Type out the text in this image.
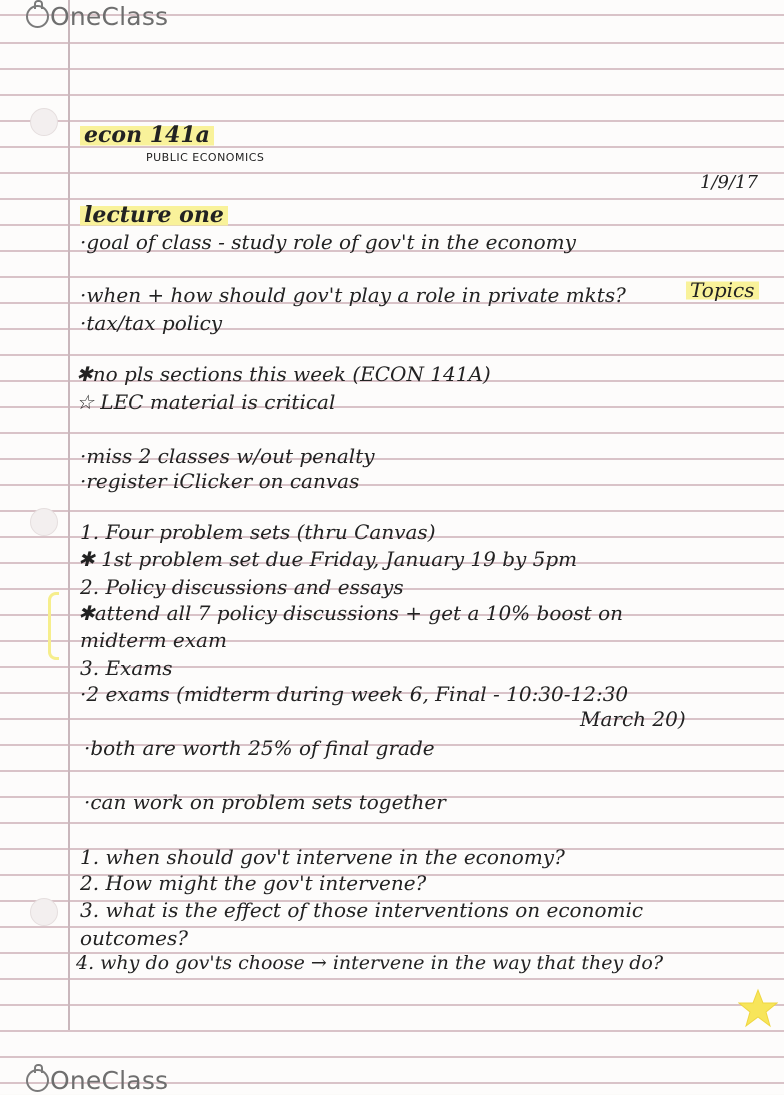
OneClass
econ 141a
PUBLIC ECONOMICS
1/9/17
lecture one
·goal of class - study role of gov't in the economy
·when + how should gov't play a role in private mkts?	Topics
·tax/tax policy
✱no pls sections this week (ECON 141A)
☆ LEC material is critical
·miss 2 classes w/out penalty
·register iClicker on canvas
1. Four problem sets (thru Canvas)
✱ 1st problem set due Friday, January 19 by 5pm
2. Policy discussions and essays
✱attend all 7 policy discussions + get a 10% boost on
midterm exam
3. Exams
·2 exams (midterm during week 6, Final - 10:30-12:30
March 20)
·both are worth 25% of final grade
·can work on problem sets together
1. when should gov't intervene in the economy?
2. How might the gov't intervene?
3. what is the effect of those interventions on economic
outcomes?
4. why do gov'ts choose → intervene in the way that they do?
OneClass
